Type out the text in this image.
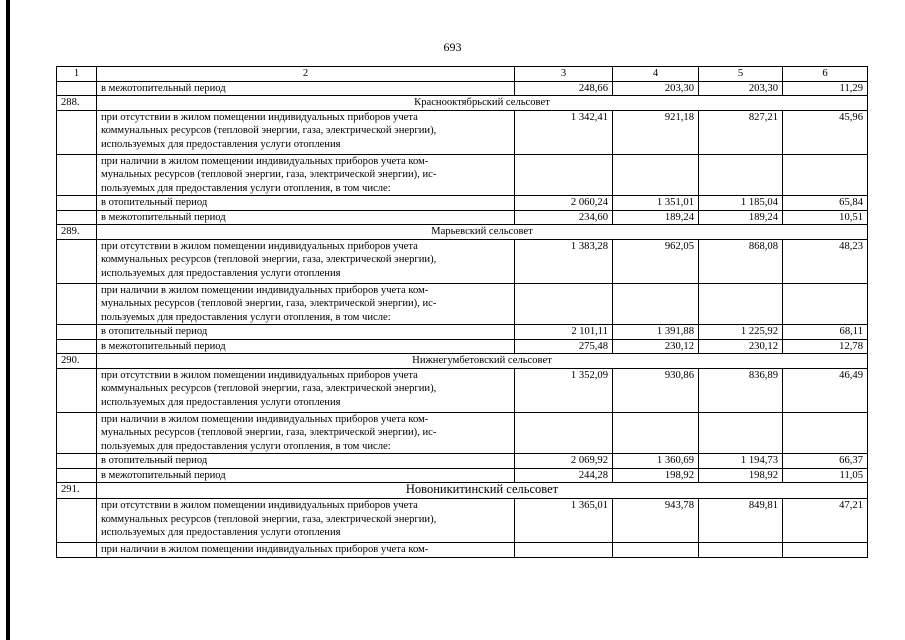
693
1	2	3	4	5	6
	в межотопительный период	248,66	203,30	203,30	11,29
288.	Краснооктябрьский сельсовет				

	при отсутствии в жилом помещении индивидуальных приборов учета
коммунальных ресурсов (тепловой энергии, газа, электрической энергии),
используемых для предоставления услуги отопления	1 342,41	921,18	827,21	45,96

	при наличии в жилом помещении индивидуальных приборов учета ком-
мунальных ресурсов (тепловой энергии, газа, электрической энергии), ис-
пользуемых для предоставления услуги отопления, в том числе:				

	в отопительный период	2 060,24	1 351,01	1 185,04	65,84
	в межотопительный период	234,60	189,24	189,24	10,51
289.	Марьевский сельсовет				

	при отсутствии в жилом помещении индивидуальных приборов учета
коммунальных ресурсов (тепловой энергии, газа, электрической энергии),
используемых для предоставления услуги отопления	1 383,28	962,05	868,08	48,23

	при наличии в жилом помещении индивидуальных приборов учета ком-
мунальных ресурсов (тепловой энергии, газа, электрической энергии), ис-
пользуемых для предоставления услуги отопления, в том числе:				

	в отопительный период	2 101,11	1 391,88	1 225,92	68,11
	в межотопительный период	275,48	230,12	230,12	12,78
290.	Нижнегумбетовский сельсовет				

	при отсутствии в жилом помещении индивидуальных приборов учета
коммунальных ресурсов (тепловой энергии, газа, электрической энергии),
используемых для предоставления услуги отопления	1 352,09	930,86	836,89	46,49

	при наличии в жилом помещении индивидуальных приборов учета ком-
мунальных ресурсов (тепловой энергии, газа, электрической энергии), ис-
пользуемых для предоставления услуги отопления, в том числе:				

	в отопительный период	2 069,92	1 360,69	1 194,73	66,37
	в межотопительный период	244,28	198,92	198,92	11,05
291.	Новоникитинский сельсовет				

	при отсутствии в жилом помещении индивидуальных приборов учета
коммунальных ресурсов (тепловой энергии, газа, электрической энергии),
используемых для предоставления услуги отопления	1 365,01	943,78	849,81	47,21

	при наличии в жилом помещении индивидуальных приборов учета ком-				
